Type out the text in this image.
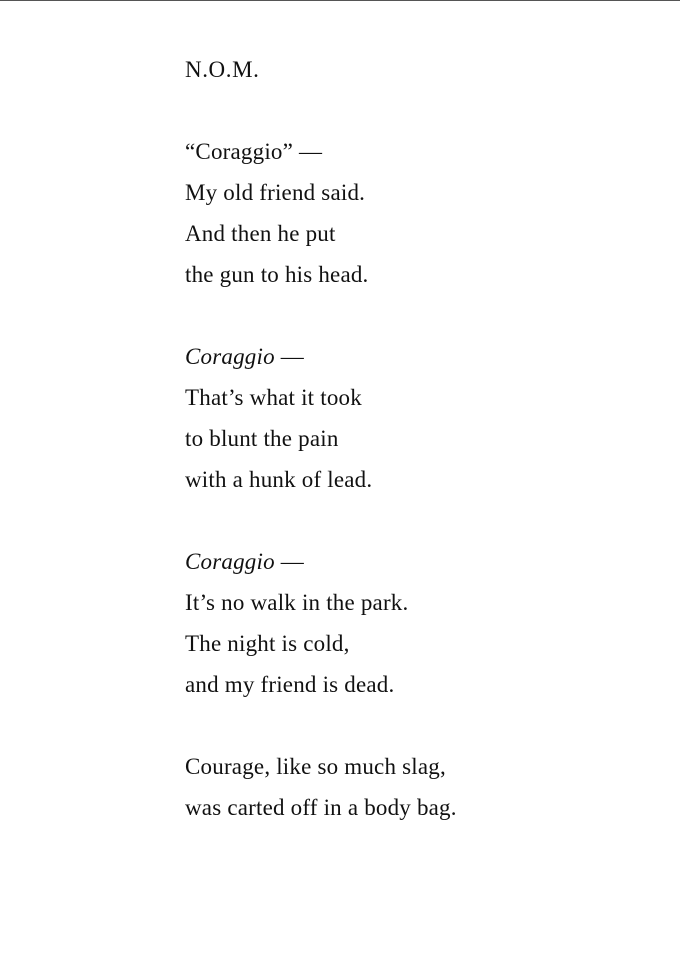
N.O.M.
“Coraggio” —
My old friend said.
And then he put
the gun to his head.
Coraggio —
That’s what it took
to blunt the pain
with a hunk of lead.
Coraggio —
It’s no walk in the park.
The night is cold,
and my friend is dead.
Courage, like so much slag,
was carted off in a body bag.
